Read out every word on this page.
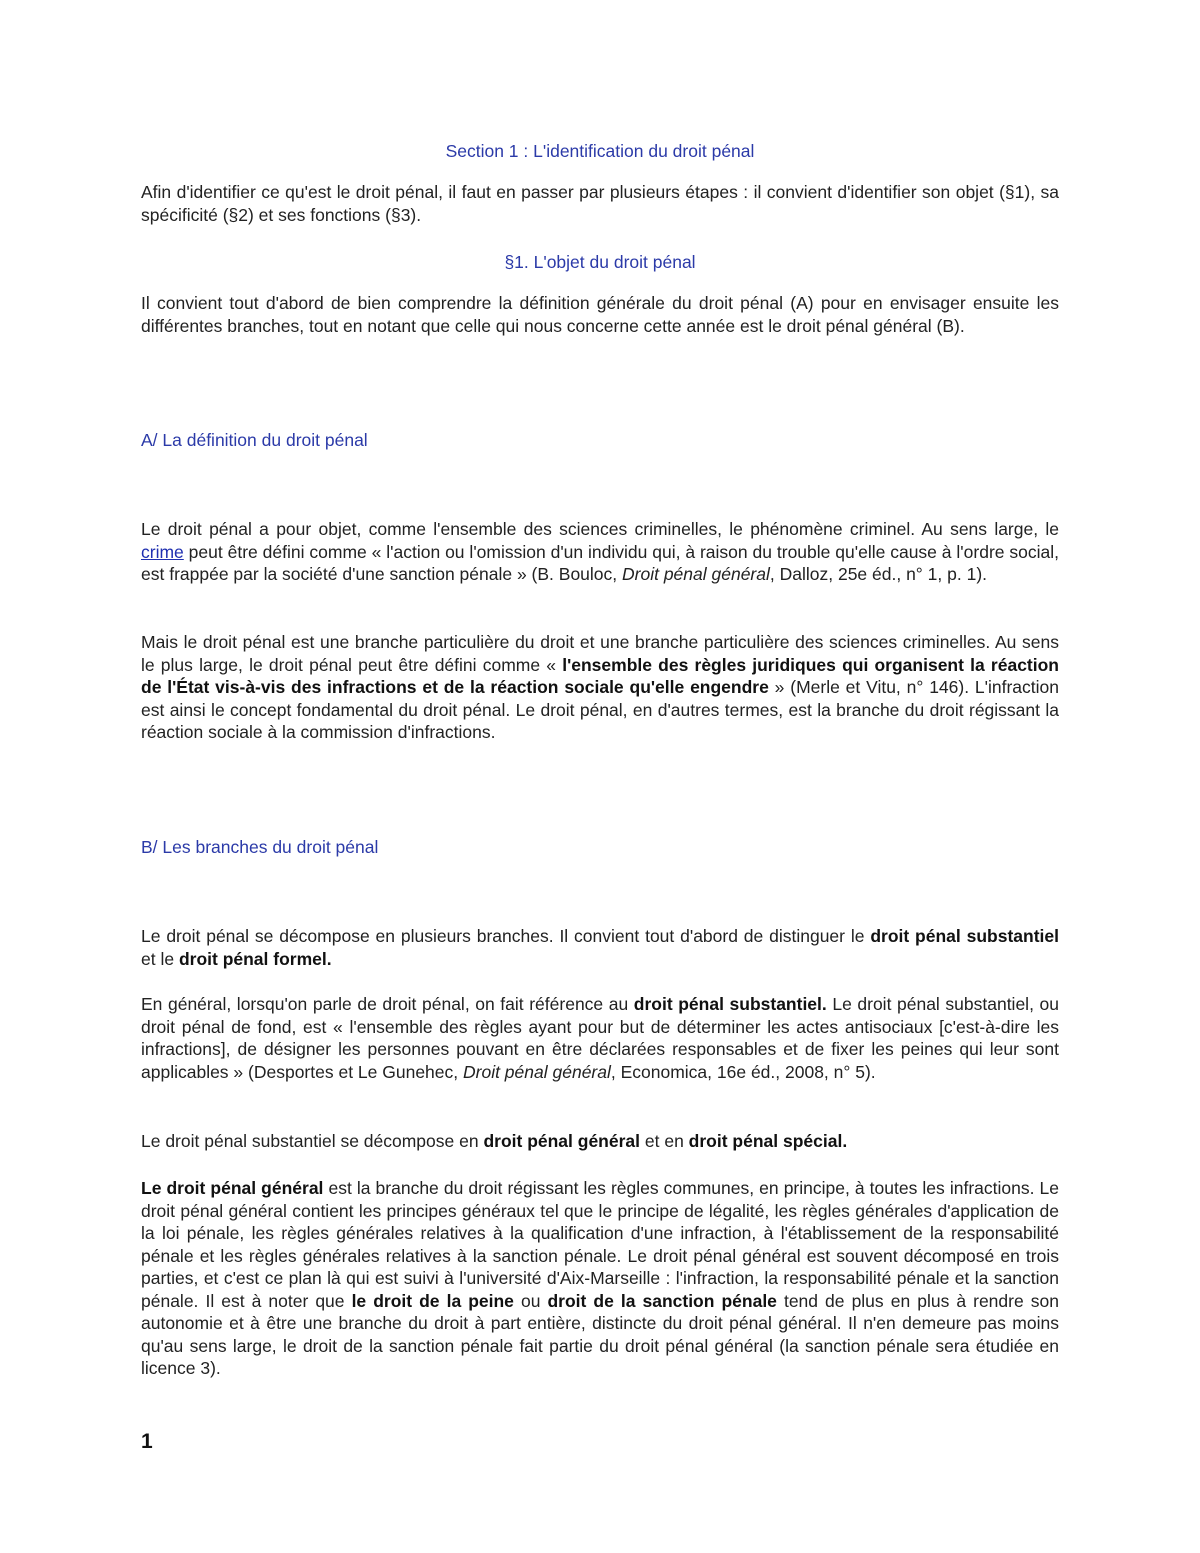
Section 1 : L'identification du droit pénal

Afin d'identifier ce qu'est le droit pénal, il faut en passer par plusieurs étapes : il convient d'identifier son objet (§1), sa spécificité (§2) et ses fonctions (§3).

§1. L'objet du droit pénal

Il convient tout d'abord de bien comprendre la définition générale du droit pénal (A) pour en envisager ensuite les différentes branches, tout en notant que celle qui nous concerne cette année est le droit pénal général (B).

A/ La définition du droit pénal

Le droit pénal a pour objet, comme l'ensemble des sciences criminelles, le phénomène criminel. Au sens large, le crime peut être défini comme « l'action ou l'omission d'un individu qui, à raison du trouble qu'elle cause à l'ordre social, est frappée par la société d'une sanction pénale » (B. Bouloc, Droit pénal général, Dalloz, 25e éd., n° 1, p. 1).

Mais le droit pénal est une branche particulière du droit et une branche particulière des sciences criminelles. Au sens le plus large, le droit pénal peut être défini comme « l'ensemble des règles juridiques qui organisent la réaction de l'État vis-à-vis des infractions et de la réaction sociale qu'elle engendre » (Merle et Vitu, n° 146). L'infraction est ainsi le concept fondamental du droit pénal. Le droit pénal, en d'autres termes, est la branche du droit régissant la réaction sociale à la commission d'infractions.

B/ Les branches du droit pénal

Le droit pénal se décompose en plusieurs branches. Il convient tout d'abord de distinguer le droit pénal substantiel et le droit pénal formel.

En général, lorsqu'on parle de droit pénal, on fait référence au droit pénal substantiel. Le droit pénal substantiel, ou droit pénal de fond, est « l'ensemble des règles ayant pour but de déterminer les actes antisociaux [c'est-à-dire les infractions], de désigner les personnes pouvant en être déclarées responsables et de fixer les peines qui leur sont applicables » (Desportes et Le Gunehec, Droit pénal général, Economica, 16e éd., 2008, n° 5).

Le droit pénal substantiel se décompose en droit pénal général et en droit pénal spécial.

Le droit pénal général est la branche du droit régissant les règles communes, en principe, à toutes les infractions. Le droit pénal général contient les principes généraux tel que le principe de légalité, les règles générales d'application de la loi pénale, les règles générales relatives à la qualification d'une infraction, à l'établissement de la responsabilité pénale et les règles générales relatives à la sanction pénale. Le droit pénal général est souvent décomposé en trois parties, et c'est ce plan là qui est suivi à l'université d'Aix-Marseille : l'infraction, la responsabilité pénale et la sanction pénale. Il est à noter que le droit de la peine ou droit de la sanction pénale tend de plus en plus à rendre son autonomie et à être une branche du droit à part entière, distincte du droit pénal général. Il n'en demeure pas moins qu'au sens large, le droit de la sanction pénale fait partie du droit pénal général (la sanction pénale sera étudiée en licence 3).

1
